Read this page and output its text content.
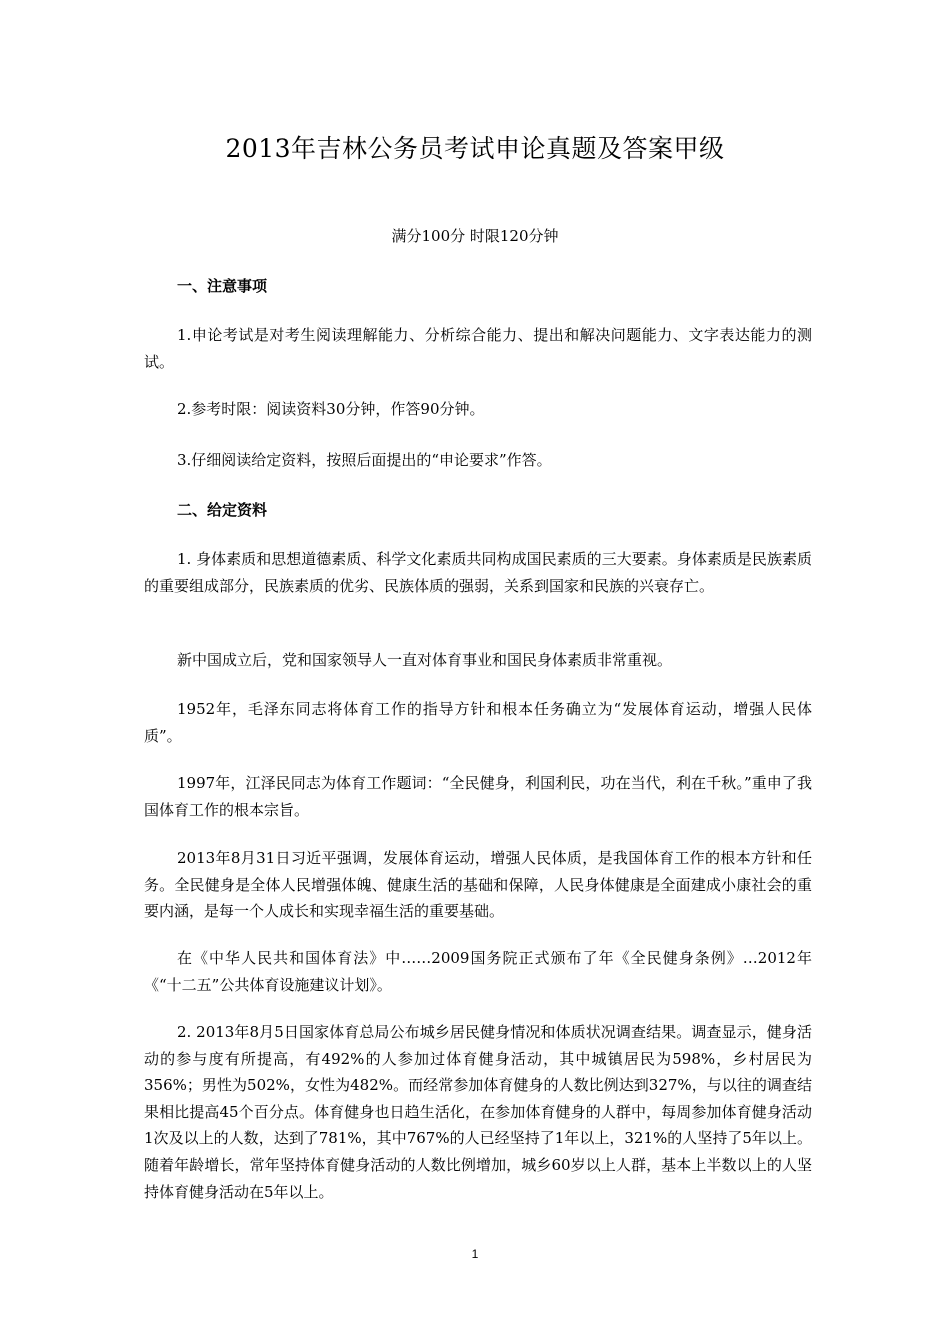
2013年吉林公务员考试申论真题及答案甲级
满分100分 时限120分钟
一、注意事项
1.申论考试是对考生阅读理解能力、分析综合能力、提出和解决问题能力、文字表达能力的测试。
2.参考时限：阅读资料30分钟，作答90分钟。
3.仔细阅读给定资料，按照后面提出的“申论要求”作答。
二、给定资料
1. 身体素质和思想道德素质、科学文化素质共同构成国民素质的三大要素。身体素质是民族素质的重要组成部分，民族素质的优劣、民族体质的强弱，关系到国家和民族的兴衰存亡。
新中国成立后，党和国家领导人一直对体育事业和国民身体素质非常重视。
1952年，毛泽东同志将体育工作的指导方针和根本任务确立为“发展体育运动，增强人民体质”。
1997年，江泽民同志为体育工作题词：“全民健身，利国利民，功在当代，利在千秋。”重申了我国体育工作的根本宗旨。
2013年8月31日习近平强调，发展体育运动，增强人民体质，是我国体育工作的根本方针和任务。全民健身是全体人民增强体魄、健康生活的基础和保障，人民身体健康是全面建成小康社会的重要内涵，是每一个人成长和实现幸福生活的重要基础。
在《中华人民共和国体育法》中……2009国务院正式颁布了年《全民健身条例》…2012年《“十二五”公共体育设施建议计划》。
2. 2013年8月5日国家体育总局公布城乡居民健身情况和体质状况调查结果。调查显示，健身活动的参与度有所提高，有492%的人参加过体育健身活动，其中城镇居民为598%，乡村居民为356%；男性为502%，女性为482%。而经常参加体育健身的人数比例达到327%，与以往的调查结果相比提高45个百分点。体育健身也日趋生活化，在参加体育健身的人群中，每周参加体育健身活动1次及以上的人数，达到了781%，其中767%的人已经坚持了1年以上，321%的人坚持了5年以上。随着年龄增长，常年坚持体育健身活动的人数比例增加，城乡60岁以上人群，基本上半数以上的人坚持体育健身活动在5年以上。
1
